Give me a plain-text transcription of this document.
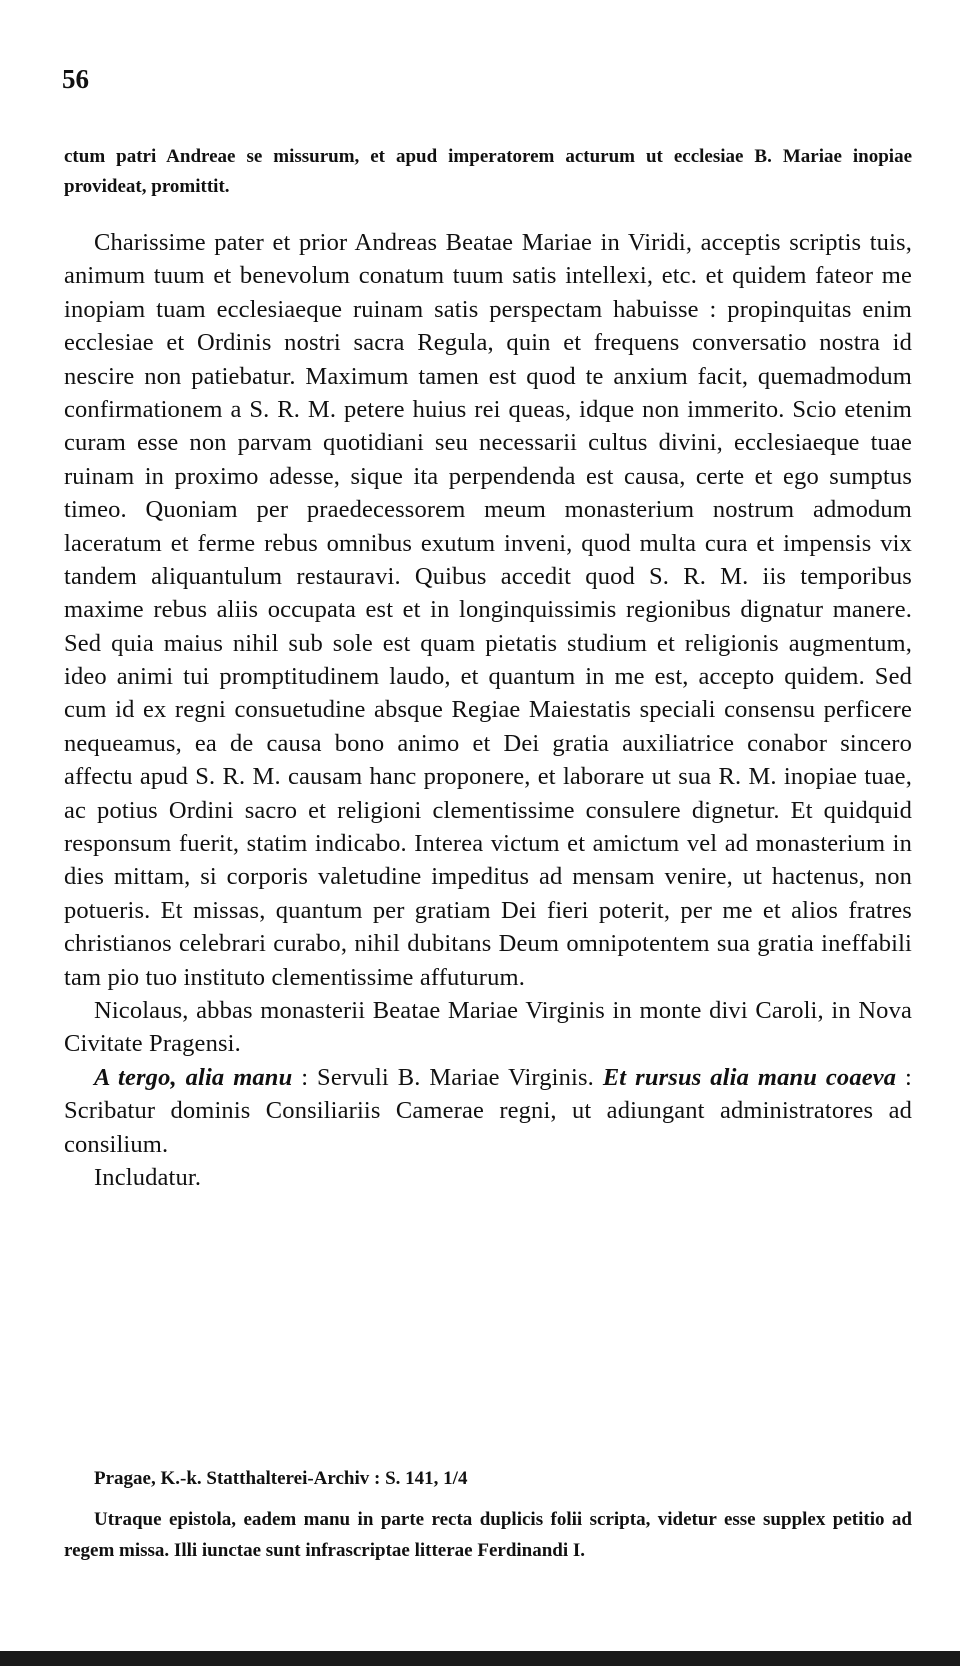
56
ctum patri Andreae se missurum, et apud imperatorem acturum ut ecclesiae B. Mariae inopiae provideat, promittit.

Charissime pater et prior Andreas Beatae Mariae in Viridi, acceptis scriptis tuis, animum tuum et benevolum conatum tuum satis intellexi, etc. et quidem fateor me inopiam tuam ecclesiaeque ruinam satis perspectam habuisse : propinquitas enim ecclesiae et Ordinis nostri sacra Regula, quin et frequens conversatio nostra id nescire non patiebatur. Maximum tamen est quod te anxium facit, quemadmodum confirmationem a S. R. M. petere huius rei queas, idque non immerito. Scio etenim curam esse non parvam quotidiani seu necessarii cultus divini, ecclesiaeque tuae ruinam in proximo adesse, sique ita perpendenda est causa, certe et ego sumptus timeo. Quoniam per praedecessorem meum monasterium nostrum admodum laceratum et ferme rebus omnibus exutum inveni, quod multa cura et impensis vix tandem aliquantulum restauravi. Quibus accedit quod S. R. M. iis temporibus maxime rebus aliis occupata est et in longinquissimis regionibus dignatur manere. Sed quia maius nihil sub sole est quam pietatis studium et religionis augmentum, ideo animi tui promptitudinem laudo, et quantum in me est, accepto quidem. Sed cum id ex regni consuetudine absque Regiae Maiestatis speciali consensu perficere nequeamus, ea de causa bono animo et Dei gratia auxiliatrice conabor sincero affectu apud S. R. M. causam hanc proponere, et laborare ut sua R. M. inopiae tuae, ac potius Ordini sacro et religioni clementissime consulere dignetur. Et quidquid responsum fuerit, statim indicabo. Interea victum et amictum vel ad monasterium in dies mittam, si corporis valetudine impeditus ad mensam venire, ut hactenus, non potueris. Et missas, quantum per gratiam Dei fieri poterit, per me et alios fratres christianos celebrari curabo, nihil dubitans Deum omnipotentem sua gratia ineffabili tam pio tuo instituto clementissime affuturum.

Nicolaus, abbas monasterii Beatae Mariae Virginis in monte divi Caroli, in Nova Civitate Pragensi.

A tergo, alia manu : Servuli B. Mariae Virginis. Et rursus alia manu coaeva : Scribatur dominis Consiliariis Camerae regni, ut adiungant administratores ad consilium.

Includatur.

Pragae, K.-k. Statthalterei-Archiv : S. 141, 1/4
Utraque epistola, eadem manu in parte recta duplicis folii scripta, videtur esse supplex petitio ad regem missa. Illi iunctae sunt infrascriptae litterae Ferdinandi I.
